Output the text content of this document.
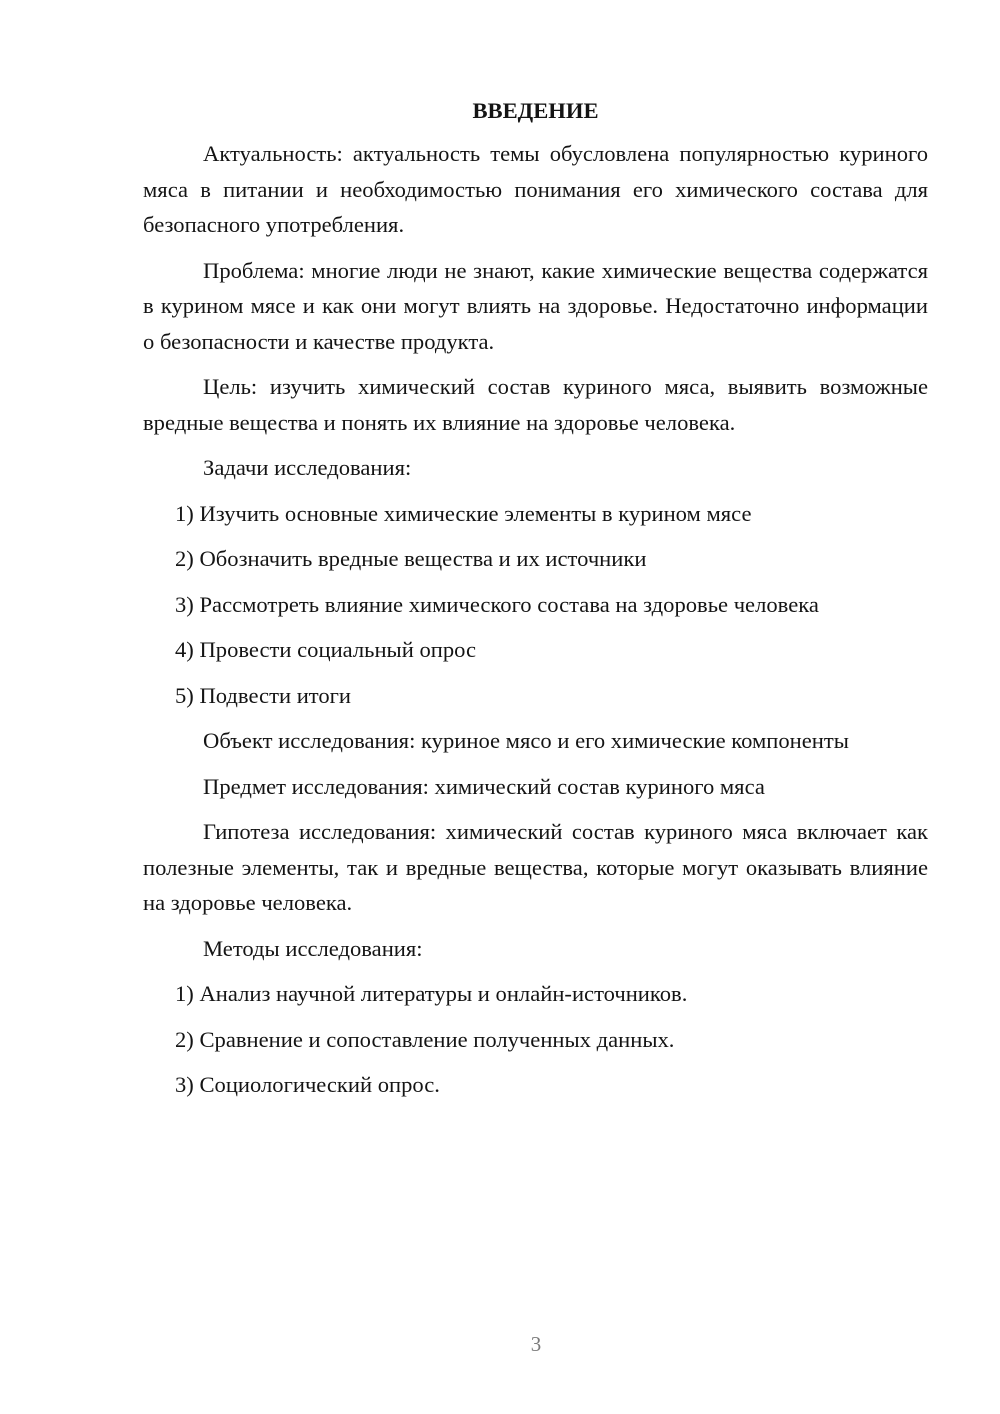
ВВЕДЕНИЕ

Актуальность: актуальность темы обусловлена популярностью куриного мяса в питании и необходимостью понимания его химического состава для безопасного употребления.

Проблема: многие люди не знают, какие химические вещества содержатся в курином мясе и как они могут влиять на здоровье. Недостаточно информации о безопасности и качестве продукта.

Цель: изучить химический состав куриного мяса, выявить возможные вредные вещества и понять их влияние на здоровье человека.

Задачи исследования:

1) Изучить основные химические элементы в курином мясе

2) Обозначить вредные вещества и их источники

3) Рассмотреть влияние химического состава на здоровье человека

4) Провести социальный опрос

5) Подвести итоги

Объект исследования: куриное мясо и его химические компоненты

Предмет исследования: химический состав куриного мяса

Гипотеза исследования: химический состав куриного мяса включает как полезные элементы, так и вредные вещества, которые могут оказывать влияние на здоровье человека.

Методы исследования:

1) Анализ научной литературы и онлайн-источников.

2) Сравнение и сопоставление полученных данных.

3) Социологический опрос.

3
